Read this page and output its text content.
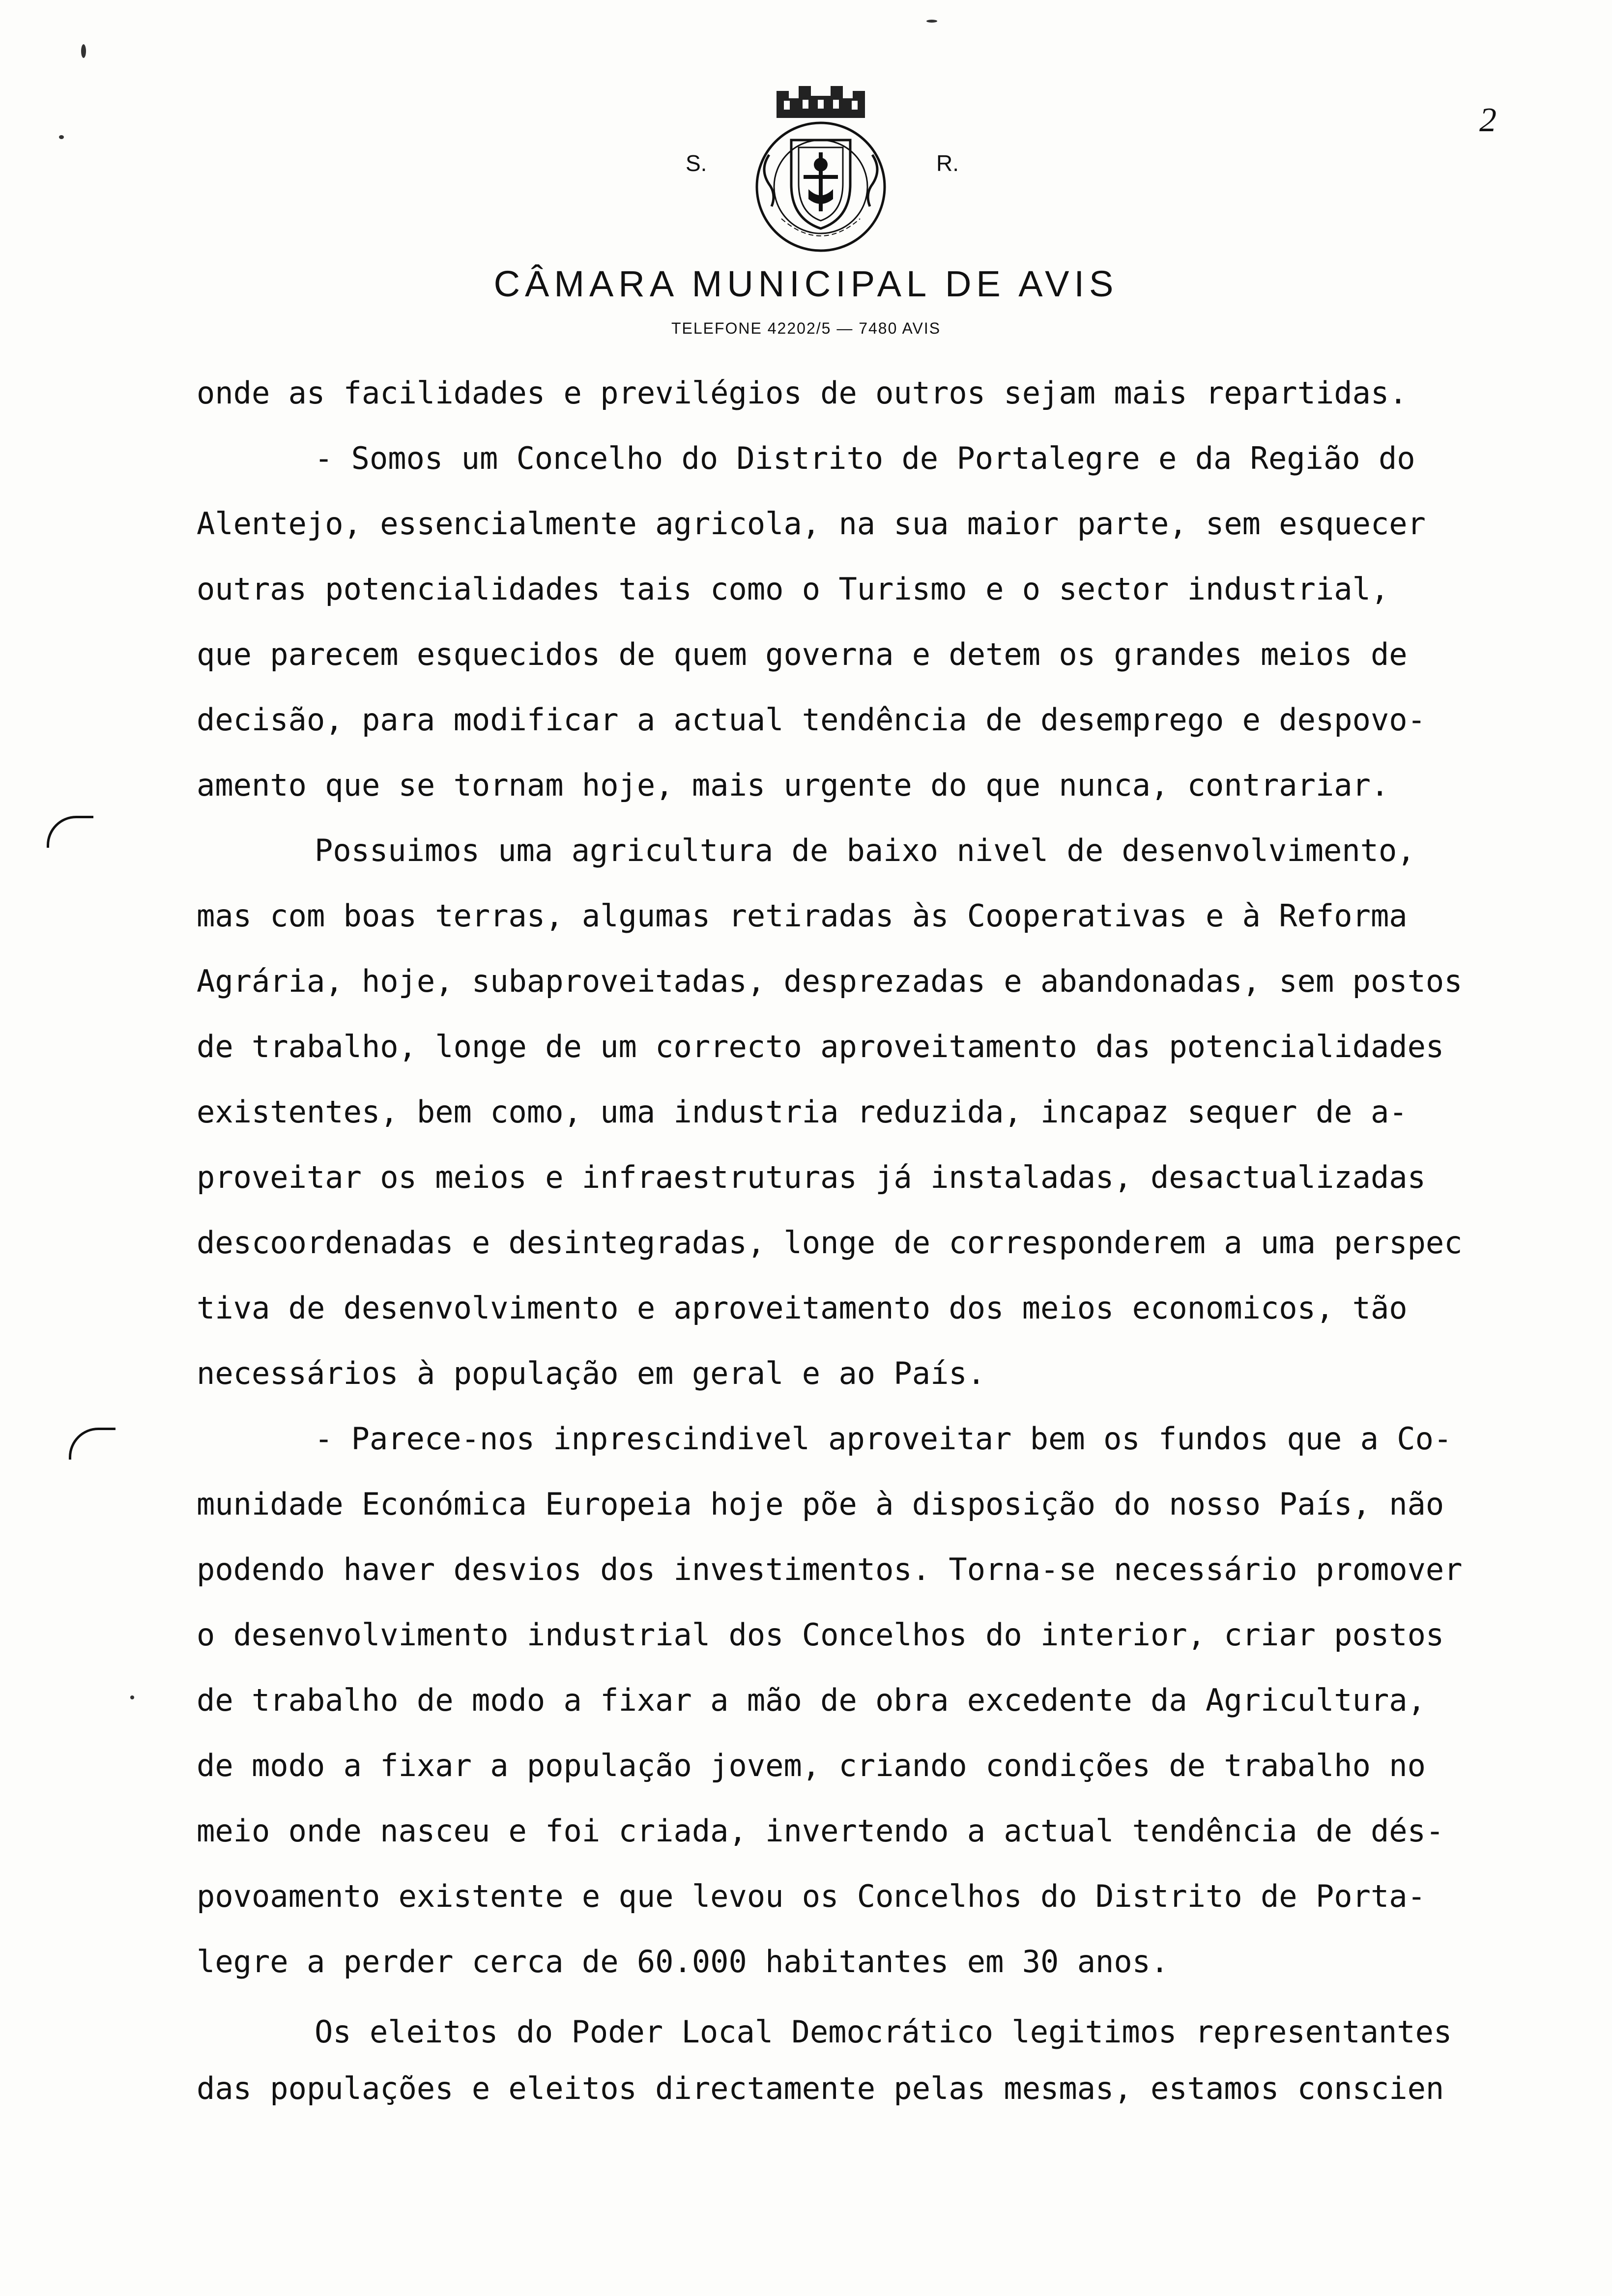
S.	R.
2
CÂMARA MUNICIPAL DE AVIS
TELEFONE 42202/5 — 7480 AVIS
onde as facilidades e previlégios de outros sejam mais repartidas.
- Somos um Concelho do Distrito de Portalegre e da Região do
Alentejo, essencialmente agricola, na sua maior parte, sem esquecer
outras potencialidades tais como o Turismo e o sector industrial,
que parecem esquecidos de quem governa e detem os grandes meios de
decisão, para modificar a actual tendência de desemprego e despovo-
amento que se tornam hoje, mais urgente do que nunca, contrariar.
Possuimos uma agricultura de baixo nivel de desenvolvimento,
mas com boas terras, algumas retiradas às Cooperativas e à Reforma
Agrária, hoje, subaproveitadas, desprezadas e abandonadas, sem postos
de trabalho, longe de um correcto aproveitamento das potencialidades
existentes, bem como, uma industria reduzida, incapaz sequer de a-
proveitar os meios e infraestruturas já instaladas, desactualizadas
descoordenadas e desintegradas, longe de corresponderem a uma perspec
tiva de desenvolvimento e aproveitamento dos meios economicos, tão
necessários à população em geral e ao País.
- Parece-nos inprescindivel aproveitar bem os fundos que a Co-
munidade Económica Europeia hoje põe à disposição do nosso País, não
podendo haver desvios dos investimentos. Torna-se necessário promover
o desenvolvimento industrial dos Concelhos do interior, criar postos
de trabalho de modo a fixar a mão de obra excedente da Agricultura,
de modo a fixar a população jovem, criando condições de trabalho no
meio onde nasceu e foi criada, invertendo a actual tendência de dés-
povoamento existente e que levou os Concelhos do Distrito de Porta-
legre a perder cerca de 60.000 habitantes em 30 anos.
Os eleitos do Poder Local Democrático legitimos representantes
das populações e eleitos directamente pelas mesmas, estamos conscien
